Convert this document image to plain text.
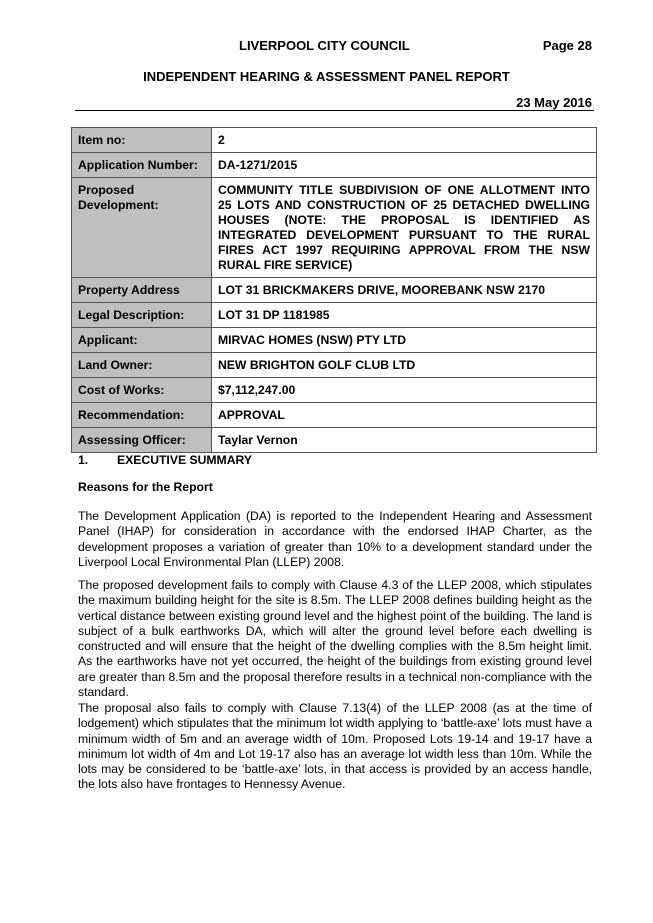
LIVERPOOL CITY COUNCIL	Page 28
INDEPENDENT HEARING & ASSESSMENT PANEL REPORT
23 May 2016
Item no:	2
Application Number:	DA-1271/2015
Proposed Development:	COMMUNITY TITLE SUBDIVISION OF ONE ALLOTMENT INTO 25 LOTS AND CONSTRUCTION OF 25 DETACHED DWELLING HOUSES (NOTE: THE PROPOSAL IS IDENTIFIED AS INTEGRATED DEVELOPMENT PURSUANT TO THE RURAL FIRES ACT 1997 REQUIRING APPROVAL FROM THE NSW RURAL FIRE SERVICE)
Property Address	LOT 31 BRICKMAKERS DRIVE, MOOREBANK NSW 2170
Legal Description:	LOT 31 DP 1181985
Applicant:	MIRVAC HOMES (NSW) PTY LTD
Land Owner:	NEW BRIGHTON GOLF CLUB LTD
Cost of Works:	$7,112,247.00
Recommendation:	APPROVAL
Assessing Officer:	Taylar Vernon
1. EXECUTIVE SUMMARY
Reasons for the Report
The Development Application (DA) is reported to the Independent Hearing and Assessment Panel (IHAP) for consideration in accordance with the endorsed IHAP Charter, as the development proposes a variation of greater than 10% to a development standard under the Liverpool Local Environmental Plan (LLEP) 2008.
The proposed development fails to comply with Clause 4.3 of the LLEP 2008, which stipulates the maximum building height for the site is 8.5m. The LLEP 2008 defines building height as the vertical distance between existing ground level and the highest point of the building. The land is subject of a bulk earthworks DA, which will alter the ground level before each dwelling is constructed and will ensure that the height of the dwelling complies with the 8.5m height limit. As the earthworks have not yet occurred, the height of the buildings from existing ground level are greater than 8.5m and the proposal therefore results in a technical non-compliance with the standard.
The proposal also fails to comply with Clause 7.13(4) of the LLEP 2008 (as at the time of lodgement) which stipulates that the minimum lot width applying to ‘battle-axe’ lots must have a minimum width of 5m and an average width of 10m. Proposed Lots 19-14 and 19-17 have a minimum lot width of 4m and Lot 19-17 also has an average lot width less than 10m. While the lots may be considered to be ‘battle-axe’ lots, in that access is provided by an access handle, the lots also have frontages to Hennessy Avenue.
